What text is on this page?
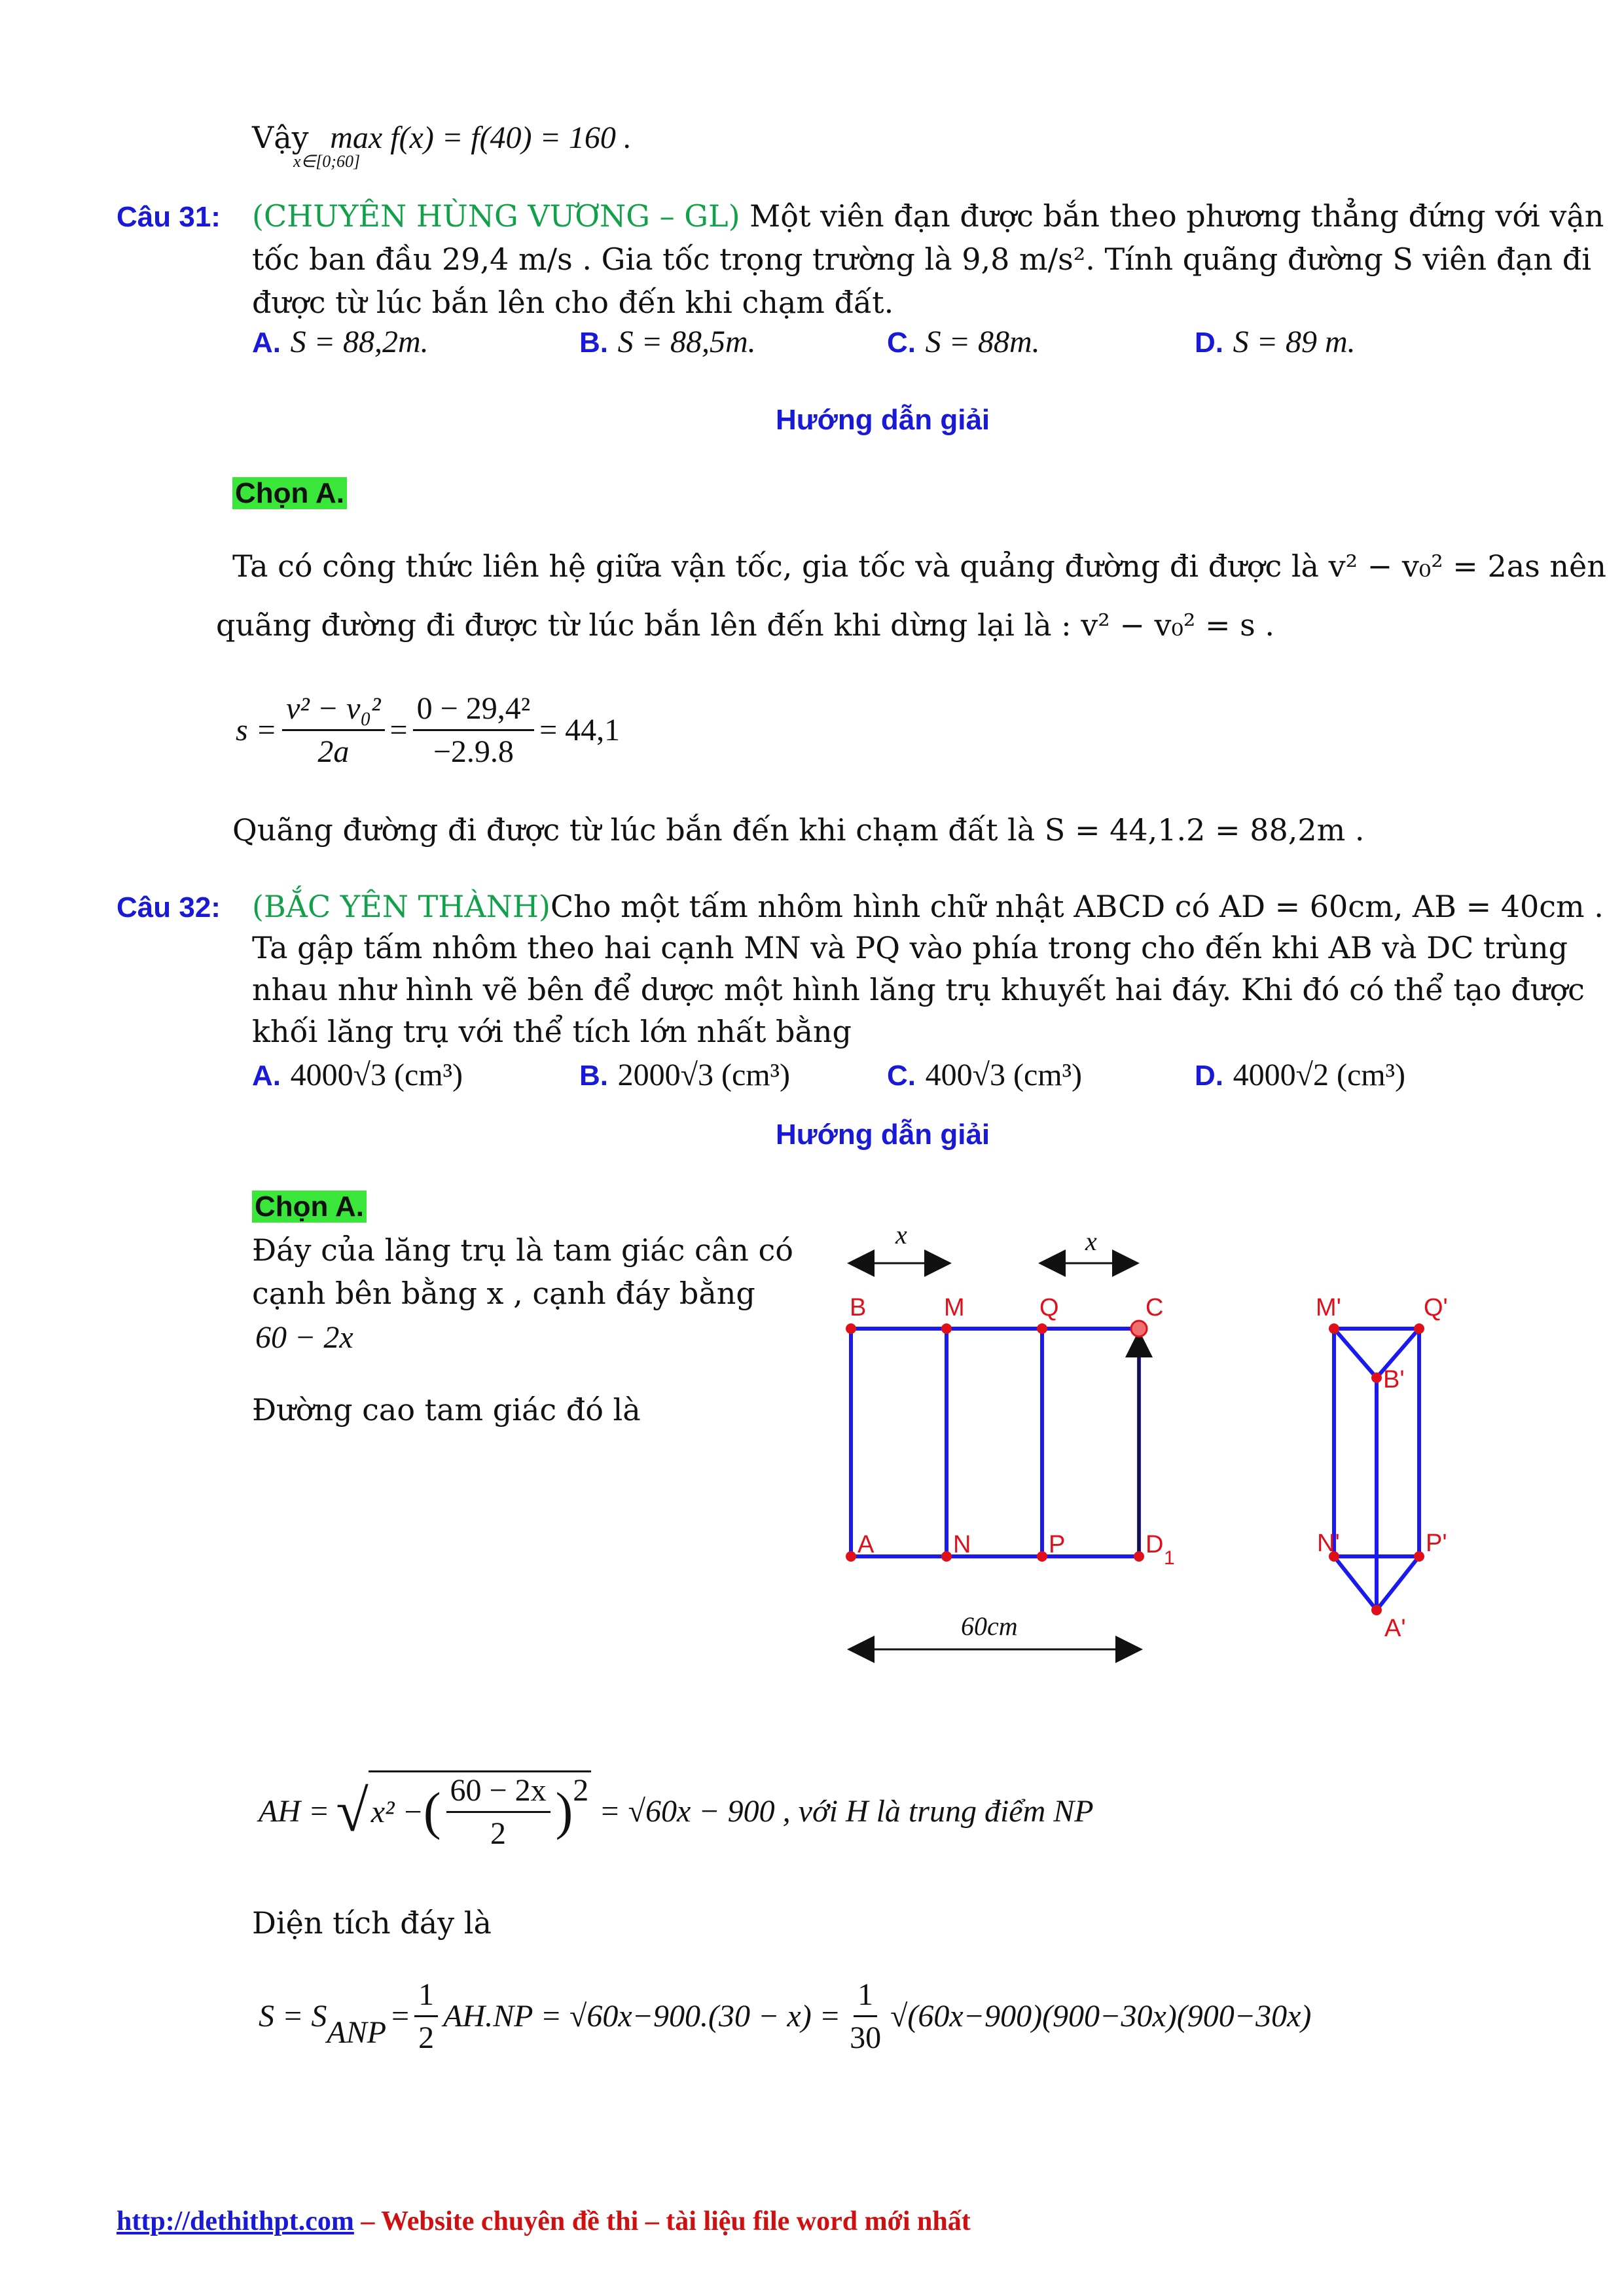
Vậy max f(x) = f(40) = 160 .
x∈[0;60]
Câu 31: (CHUYÊN HÙNG VƯƠNG – GL) Một viên đạn được bắn theo phương thẳng đứng với vận
tốc ban đầu 29,4 m/s . Gia tốc trọng trường là 9,8 m/s². Tính quãng đường S viên đạn đi
được từ lúc bắn lên cho đến khi chạm đất.
A. S = 88,2m.	B. S = 88,5m.	C. S = 88m.	D. S = 89 m.
Hướng dẫn giải
Chọn A.
Ta có công thức liên hệ giữa vận tốc, gia tốc và quảng đường đi được là v² − v₀² = 2as nên
quãng đường đi được từ lúc bắn lên đến khi dừng lại là : v² − v₀² = s .
$s = \frac{\text{v² − v₀²}}{2a} = \frac{\text{0 − 29,4²}}{-2.9.8} = 44,1$
Quãng đường đi được từ lúc bắn đến khi chạm đất là S = 44,1.2 = 88,2m .
Câu 32: (BẮC YÊN THÀNH)Cho một tấm nhôm hình chữ nhật ABCD có AD = 60cm, AB = 40cm .
Ta gập tấm nhôm theo hai cạnh MN và PQ vào phía trong cho đến khi AB và DC trùng
nhau như hình vẽ bên để dược một hình lăng trụ khuyết hai đáy. Khi đó có thể tạo được
khối lăng trụ với thể tích lớn nhất bằng
A. 4000√3 (cm³)	B. 2000√3 (cm³)	C. 400√3 (cm³)	D. 4000√2 (cm³)
Hướng dẫn giải
Chọn A.
Đáy của lăng trụ là tam giác cân có
cạnh bên bằng x , cạnh đáy bằng
60 − 2x
Đường cao tam giác đó là
x	x
B	M	Q	C
A	N	P	D 1
60cm
M'	Q'
B'
N'	P'
A'
AH = √ x² − ( $\frac{60 - 2x}{2}$ ) 2
= √60x − 900 , với H là trung điểm NP
Diện tích đáy là
S = S ANP = $\frac{1}{2} AH.NP = √60x-900.(30 - x) = \frac{1}{30} √(60x-900)(900-30x)(900-30x)$
http://dethithpt.com – Website chuyên đề thi – tài liệu file word mới nhất
